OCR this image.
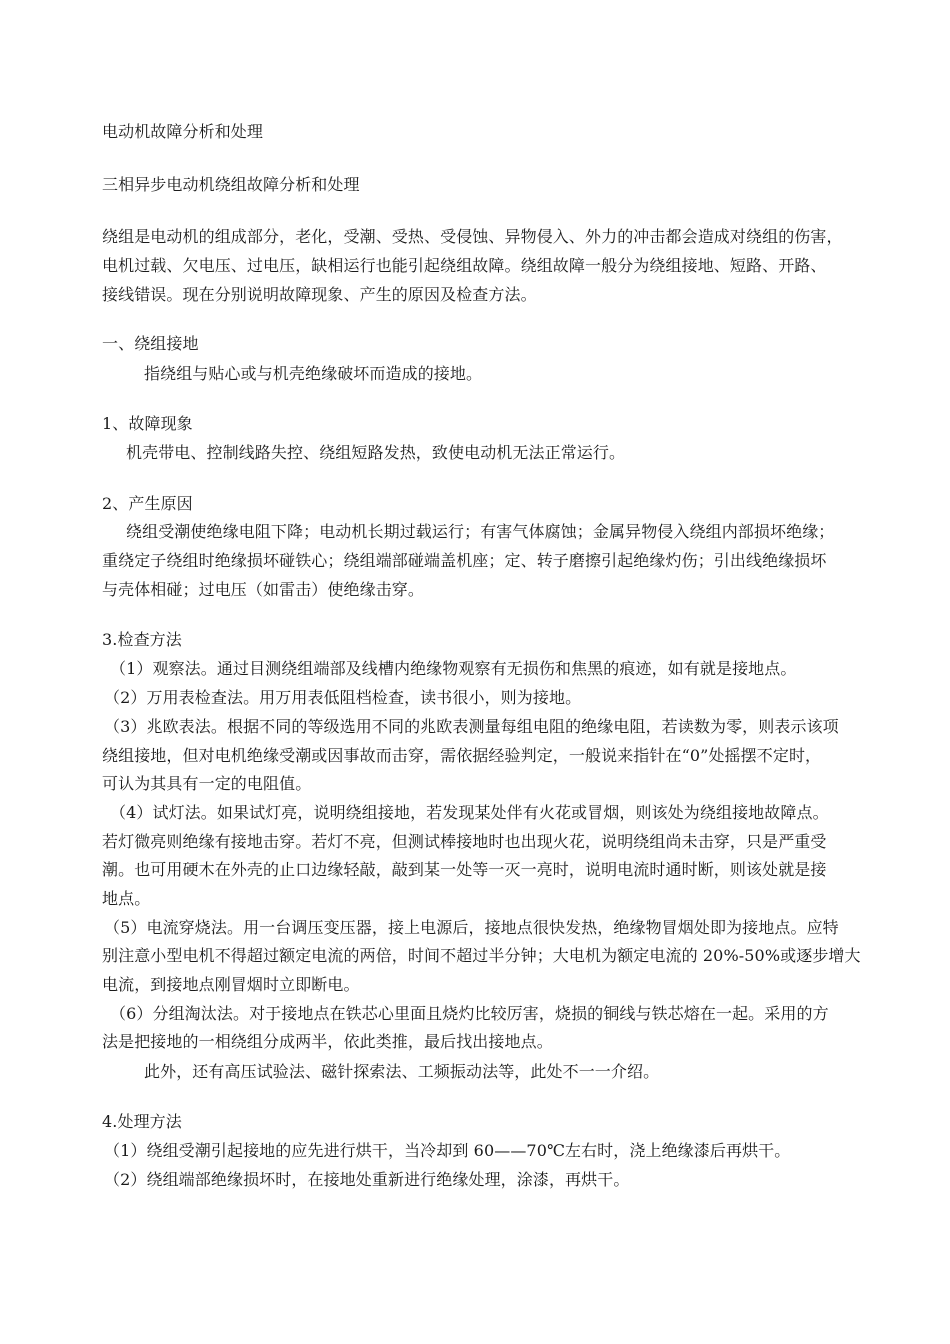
电动机故障分析和处理
三相异步电动机绕组故障分析和处理
绕组是电动机的组成部分，老化，受潮、受热、受侵蚀、异物侵入、外力的冲击都会造成对绕组的伤害，
电机过载、欠电压、过电压，缺相运行也能引起绕组故障。绕组故障一般分为绕组接地、短路、开路、
接线错误。现在分别说明故障现象、产生的原因及检查方法。
一、绕组接地
指绕组与贴心或与机壳绝缘破坏而造成的接地。
1、故障现象
机壳带电、控制线路失控、绕组短路发热，致使电动机无法正常运行。
2、产生原因
绕组受潮使绝缘电阻下降；电动机长期过载运行；有害气体腐蚀；金属异物侵入绕组内部损坏绝缘；
重绕定子绕组时绝缘损坏碰铁心；绕组端部碰端盖机座；定、转子磨擦引起绝缘灼伤；引出线绝缘损坏
与壳体相碰；过电压（如雷击）使绝缘击穿。
3.检查方法
（1）观察法。通过目测绕组端部及线槽内绝缘物观察有无损伤和焦黑的痕迹，如有就是接地点。
（2）万用表检查法。用万用表低阻档检查，读书很小，则为接地。
（3）兆欧表法。根据不同的等级选用不同的兆欧表测量每组电阻的绝缘电阻，若读数为零，则表示该项
绕组接地，但对电机绝缘受潮或因事故而击穿，需依据经验判定，一般说来指针在“0”处摇摆不定时，
可认为其具有一定的电阻值。
（4）试灯法。如果试灯亮，说明绕组接地，若发现某处伴有火花或冒烟，则该处为绕组接地故障点。
若灯微亮则绝缘有接地击穿。若灯不亮，但测试棒接地时也出现火花，说明绕组尚未击穿，只是严重受
潮。也可用硬木在外壳的止口边缘轻敲，敲到某一处等一灭一亮时，说明电流时通时断，则该处就是接
地点。
（5）电流穿烧法。用一台调压变压器，接上电源后，接地点很快发热，绝缘物冒烟处即为接地点。应特
别注意小型电机不得超过额定电流的两倍，时间不超过半分钟；大电机为额定电流的 20%-50%或逐步增大
电流，到接地点刚冒烟时立即断电。
（6）分组淘汰法。对于接地点在铁芯心里面且烧灼比较厉害，烧损的铜线与铁芯熔在一起。采用的方
法是把接地的一相绕组分成两半，依此类推，最后找出接地点。
此外，还有高压试验法、磁针探索法、工频振动法等，此处不一一介绍。
4.处理方法
（1）绕组受潮引起接地的应先进行烘干，当冷却到 60——70℃左右时，浇上绝缘漆后再烘干。
（2）绕组端部绝缘损坏时，在接地处重新进行绝缘处理，涂漆，再烘干。
